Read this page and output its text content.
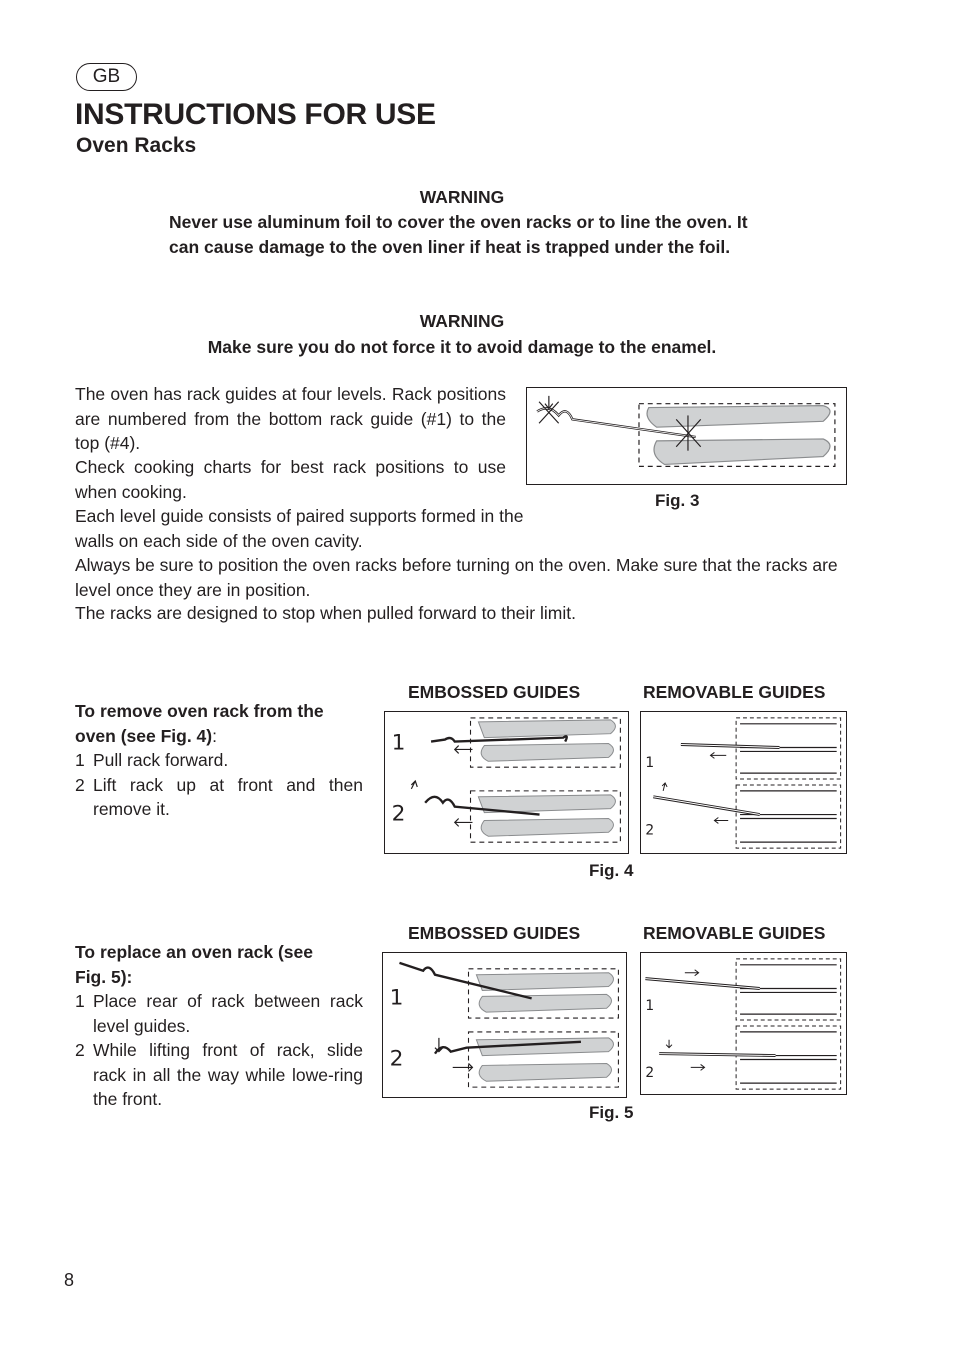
GB
INSTRUCTIONS FOR USE
Oven Racks
WARNING
Never use aluminum foil to cover the oven racks or to line the oven. It can cause damage to the oven liner if heat is trapped under the foil.
WARNING
Make sure you do not force it to avoid damage to the enamel.
The oven has rack guides at four levels. Rack positions are numbered from the bottom rack guide (#1) to the top (#4).
Check cooking charts for best rack positions to use when cooking.
Each level guide consists of paired supports formed in the walls on each side of the oven cavity.
Always be sure to position the oven racks before turning on the oven. Make sure that the racks are level once they are in position.
The racks are designed to stop when pulled forward to their limit.
Fig. 3
EMBOSSED GUIDES	REMOVABLE GUIDES
To remove oven rack from the oven (see Fig. 4):
1 Pull rack forward.
2 Lift rack up at front and then remove it.
1
2
1
2
Fig. 4
EMBOSSED GUIDES	REMOVABLE GUIDES
To replace an oven rack (see Fig. 5):
1 Place rear of rack between rack level guides.
2 While lifting front of rack, slide rack in all the way while lowe-ring the front.
1
2
1
2
Fig. 5
8
